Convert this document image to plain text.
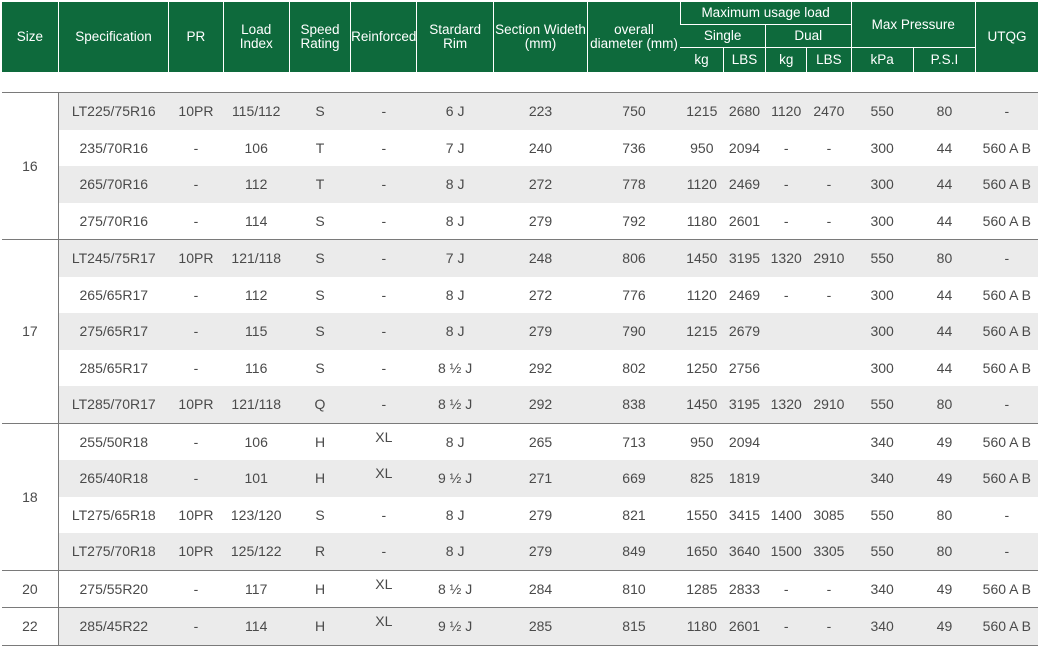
Size	Specification	PR	Load Index	Speed Rating	Reinforced	Stardard Rim	Section Widеth (mm)	overall diameter (mm)	Maximum usage load				Max Pressure		UTQG
									Single		Dual				
									kg	LBS	kg	LBS	kPa	P.S.I	
16	LT225/75R16	10PR	115/112	S	-	6 J	223	750	1215	2680	1120	2470	550	80	-
	235/70R16	-	106	T	-	7 J	240	736	950	2094	-	-	300	44	560 A B
	265/70R16	-	112	T	-	8 J	272	778	1120	2469	-	-	300	44	560 A B
	275/70R16	-	114	S	-	8 J	279	792	1180	2601	-	-	300	44	560 A B
17	LT245/75R17	10PR	121/118	S	-	7 J	248	806	1450	3195	1320	2910	550	80	-
	265/65R17	-	112	S	-	8 J	272	776	1120	2469	-	-	300	44	560 A B
	275/65R17	-	115	S	-	8 J	279	790	1215	2679			300	44	560 A B
	285/65R17	-	116	S	-	8 ½ J	292	802	1250	2756			300	44	560 A B
	LT285/70R17	10PR	121/118	Q	-	8 ½ J	292	838	1450	3195	1320	2910	550	80	-
18	255/50R18	-	106	H	XL	8 J	265	713	950	2094			340	49	560 A B
	265/40R18	-	101	H	XL	9 ½ J	271	669	825	1819			340	49	560 A B
	LT275/65R18	10PR	123/120	S	-	8 J	279	821	1550	3415	1400	3085	550	80	-
	LT275/70R18	10PR	125/122	R	-	8 J	279	849	1650	3640	1500	3305	550	80	-
20	275/55R20	-	117	H	XL	8 ½ J	284	810	1285	2833	-	-	340	49	560 A B
22	285/45R22	-	114	H	XL	9 ½ J	285	815	1180	2601	-	-	340	49	560 A B
